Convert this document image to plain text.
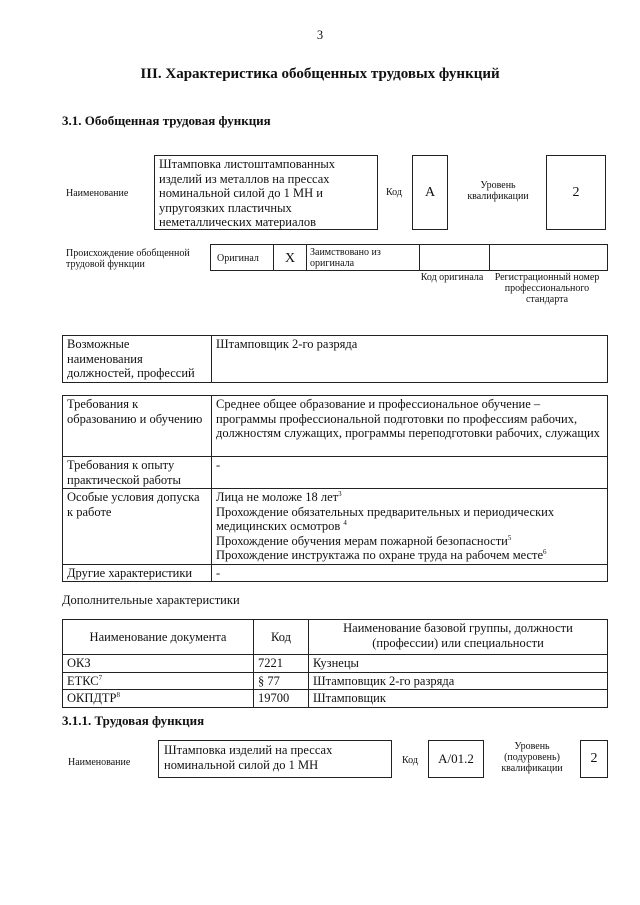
3
III. Характеристика обобщенных трудовых функций
3.1. Обобщенная трудовая функция
Наименование
Штамповка листоштампованных изделий из металлов на прессах номинальной силой до 1 МН и упругоязких пластичных неметаллических материалов
Код	A	Уровень квалификации	2
Происхождение обобщенной трудовой функции
Оригинал	X	Заимствовано из оригинала
Код оригинала Регистрационный номер профессионального стандарта
Возможные наименования должностей, профессий	Штамповщик 2-го разряда
Требования к образованию и обучению	Среднее общее образование и профессиональное обучение – программы профессиональной подготовки по профессиям рабочих, должностям служащих, программы переподготовки рабочих, служащих
Требования к опыту практической работы	-
Особые условия допуска к работе	Лица не моложе 18 лет$^3$
Прохождение обязательных предварительных и периодических медицинских осмотров $^4$
Прохождение обучения мерам пожарной безопасности$^5$
Прохождение инструктажа по охране труда на рабочем месте$^6$

Другие характеристики	-
Дополнительные характеристики
Наименование документа	Код	Наименование базовой группы, должности (профессии) или специальности
ОКЗ	7221	Кузнецы
ЕТКС$^7$	§ 77	Штамповщик 2-го разряда
ОКПДТР$^8$	19700	Штамповщик
3.1.1. Трудовая функция
Наименование
Штамповка изделий на прессах номинальной силой до 1 МН	Код	A/01.2
Уровень (подуровень) квалификации
2
